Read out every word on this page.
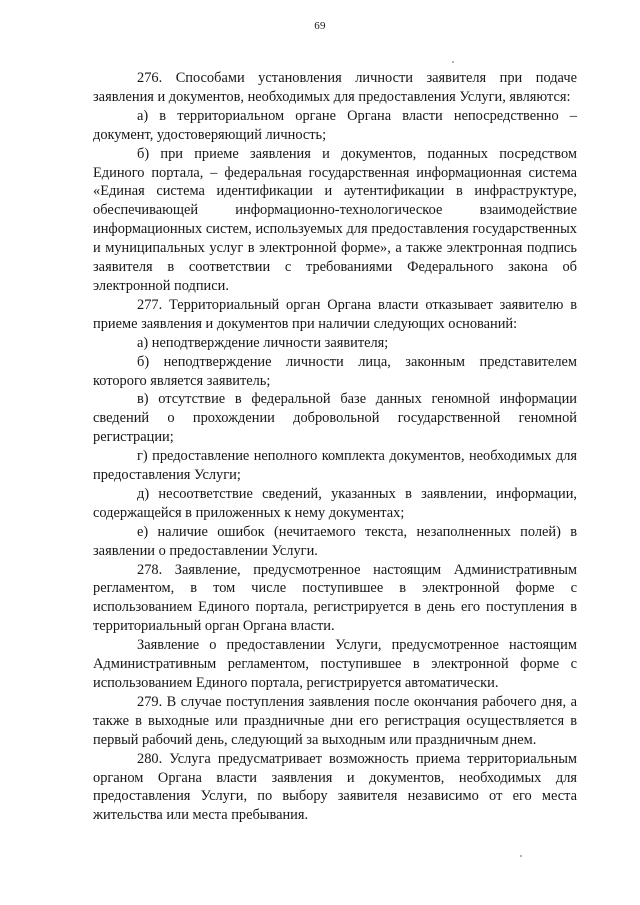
69

276. Способами установления личности заявителя при подаче заявления и документов, необходимых для предоставления Услуги, являются:

а) в территориальном органе Органа власти непосредственно – документ, удостоверяющий личность;

б) при приеме заявления и документов, поданных посредством Единого портала, – федеральная государственная информационная система «Единая система идентификации и аутентификации в инфраструктуре, обеспечивающей информационно-технологическое взаимодействие информационных систем, используемых для предоставления государственных и муниципальных услуг в электронной форме», а также электронная подпись заявителя в соответствии с требованиями Федерального закона об электронной подписи.

277. Территориальный орган Органа власти отказывает заявителю в приеме заявления и документов при наличии следующих оснований:

а) неподтверждение личности заявителя;

б) неподтверждение личности лица, законным представителем которого является заявитель;

в) отсутствие в федеральной базе данных геномной информации сведений о прохождении добровольной государственной геномной регистрации;

г) предоставление неполного комплекта документов, необходимых для предоставления Услуги;

д) несоответствие сведений, указанных в заявлении, информации, содержащейся в приложенных к нему документах;

е) наличие ошибок (нечитаемого текста, незаполненных полей) в заявлении о предоставлении Услуги.

278. Заявление, предусмотренное настоящим Административным регламентом, в том числе поступившее в электронной форме с использованием Единого портала, регистрируется в день его поступления в территориальный орган Органа власти.

Заявление о предоставлении Услуги, предусмотренное настоящим Административным регламентом, поступившее в электронной форме с использованием Единого портала, регистрируется автоматически.

279. В случае поступления заявления после окончания рабочего дня, а также в выходные или праздничные дни его регистрация осуществляется в первый рабочий день, следующий за выходным или праздничным днем.

280. Услуга предусматривает возможность приема территориальным органом Органа власти заявления и документов, необходимых для предоставления Услуги, по выбору заявителя независимо от его места жительства или места пребывания.
